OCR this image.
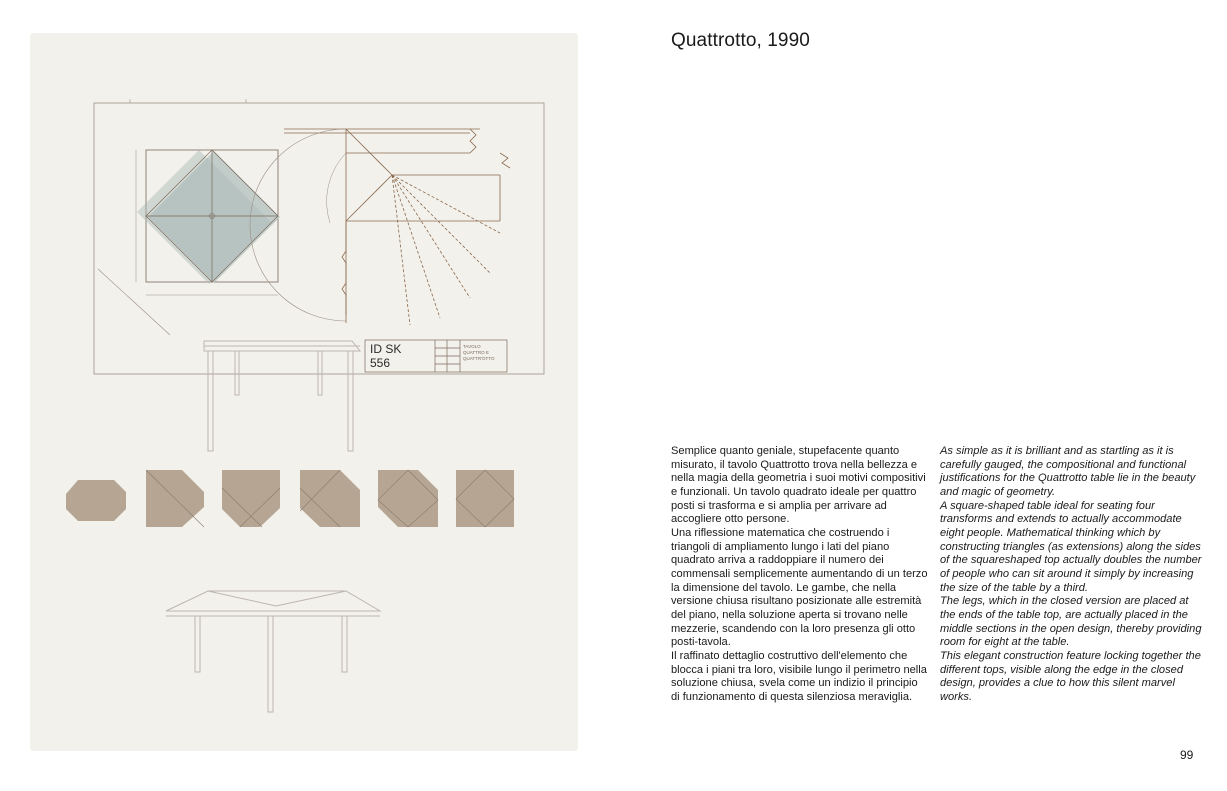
ID SK
556
TAVOLO
QUATTRO E
QUATTR'OTTO
Quattrotto, 1990

Semplice quanto geniale, stupefacente quanto misurato, il tavolo Quattrotto trova nella bellezza e nella magia della geometria i suoi motivi compositivi e funzionali. Un tavolo quadrato ideale per quattro posti si trasforma e si amplia per arrivare ad accogliere otto persone.

Una riflessione matematica che costruendo i triangoli di ampliamento lungo i lati del piano quadrato arriva a raddoppiare il numero dei commensali semplicemente aumentando di un terzo la dimensione del tavolo. Le gambe, che nella versione chiusa risultano posizionate alle estremità del piano, nella soluzione aperta si trovano nelle mezzerie, scandendo con la loro presenza gli otto posti-tavola.

Il raffinato dettaglio costruttivo dell'elemento che blocca i piani tra loro, visibile lungo il perimetro nella soluzione chiusa, svela come un indizio il principio di funzionamento di questa silenziosa meraviglia.

As simple as it is brilliant and as startling as it is carefully gauged, the compositional and functional justifications for the Quattrotto table lie in the beauty and magic of geometry.

A square-shaped table ideal for seating four transforms and extends to actually accommodate eight people. Mathematical thinking which by constructing triangles (as extensions) along the sides of the squareshaped top actually doubles the number of people who can sit around it simply by increasing the size of the table by a third.

The legs, which in the closed version are placed at the ends of the table top, are actually placed in the middle sections in the open design, thereby providing room for eight at the table.

This elegant construction feature locking together the different tops, visible along the edge in the closed design, provides a clue to how this silent marvel works.

99
